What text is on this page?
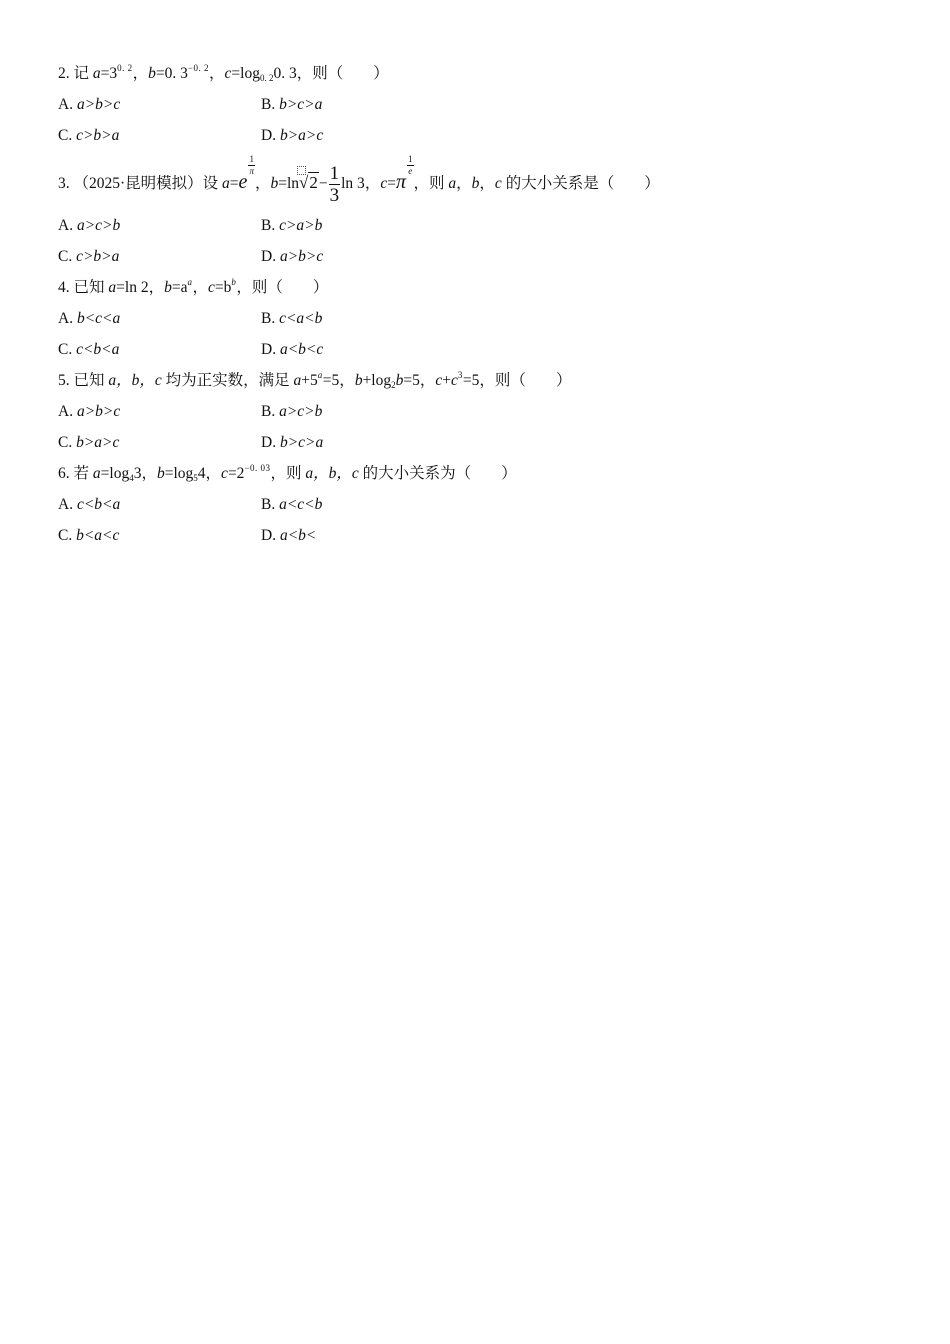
2. 记 $a=3^{0. 2}$，b=0. $3^{-0. 2}$，$c=\log_{0. 2}0$. 3，则（ ）
A. a>b>c	B. b>c>a
C. c>b>a	D. b>a>c
3. （2025·昆明模拟）设 a=e
$\frac{1}{\pi}$
，b=ln
$√2- \frac{1}{3}$ ln 3，c=π
$\frac{1}{e}$
，则 a，b，c 的大小关系是（ ）
A. a>c>b	B. c>a>b
C. c>b>a	D. a>b>c
4. 已知 a=ln 2，$b=a^a$，$c=b^b$，则（ ）
A. b<c<a	B. c<a<b
C. c<b<a	D. a<b<c
5. 已知 a，b，c 均为正实数，满足 $a+5^a=5$，$b+\log_2b=5$，$c+c^3=5$，则（ ）
A. a>b>c	B. a>c>b
C. b>a>c	D. b>c>a
6. 若 $a=\log_43$，$b=\log_54$，$c=2^{-0. 03}$，则 a，b，c 的大小关系为（ ）
A. c<b<a	B. a<c<b
C. b<a<c	D. a<b<
